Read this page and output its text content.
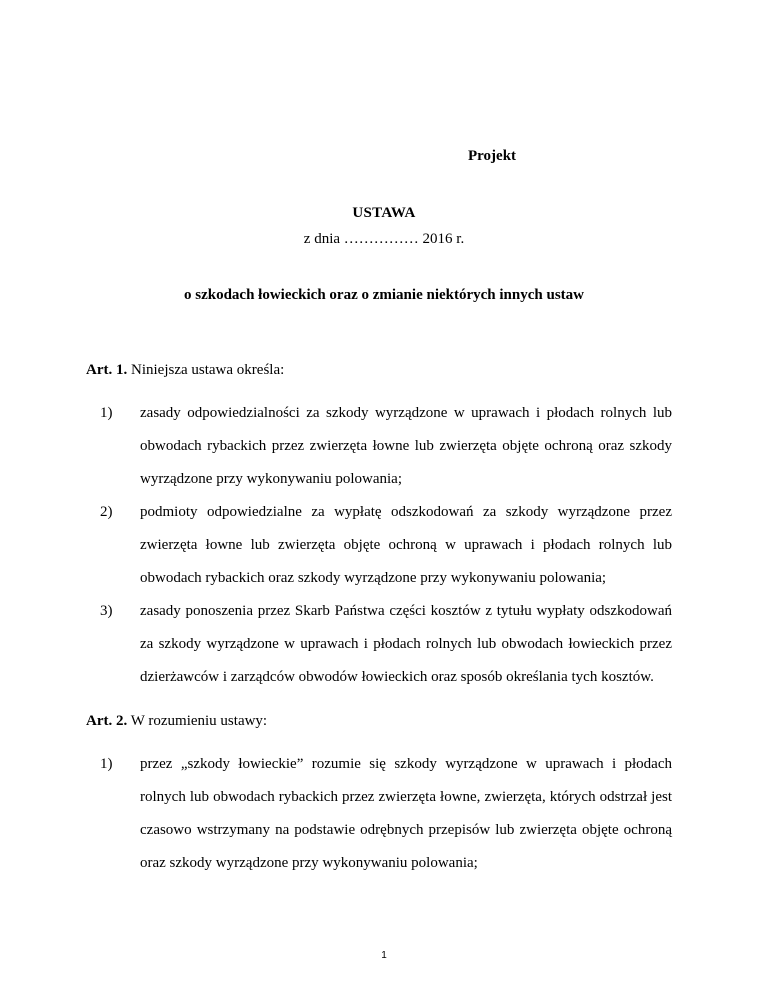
Projekt
USTAWA
z dnia …………… 2016 r.
o szkodach łowieckich oraz o zmianie niektórych innych ustaw
Art. 1. Niniejsza ustawa określa:
1) zasady odpowiedzialności za szkody wyrządzone w uprawach i płodach rolnych lub obwodach rybackich przez zwierzęta łowne lub zwierzęta objęte ochroną oraz szkody wyrządzone przy wykonywaniu polowania;
2) podmioty odpowiedzialne za wypłatę odszkodowań za szkody wyrządzone przez zwierzęta łowne lub zwierzęta objęte ochroną w uprawach i płodach rolnych lub obwodach rybackich oraz szkody wyrządzone przy wykonywaniu polowania;
3) zasady ponoszenia przez Skarb Państwa części kosztów z tytułu wypłaty odszkodowań za szkody wyrządzone w uprawach i płodach rolnych lub obwodach łowieckich przez dzierżawców i zarządców obwodów łowieckich oraz sposób określania tych kosztów.
Art. 2. W rozumieniu ustawy:
1) przez „szkody łowieckie” rozumie się szkody wyrządzone w uprawach i płodach rolnych lub obwodach rybackich przez zwierzęta łowne, zwierzęta, których odstrzał jest czasowo wstrzymany na podstawie odrębnych przepisów lub zwierzęta objęte ochroną oraz szkody wyrządzone przy wykonywaniu polowania;
1
